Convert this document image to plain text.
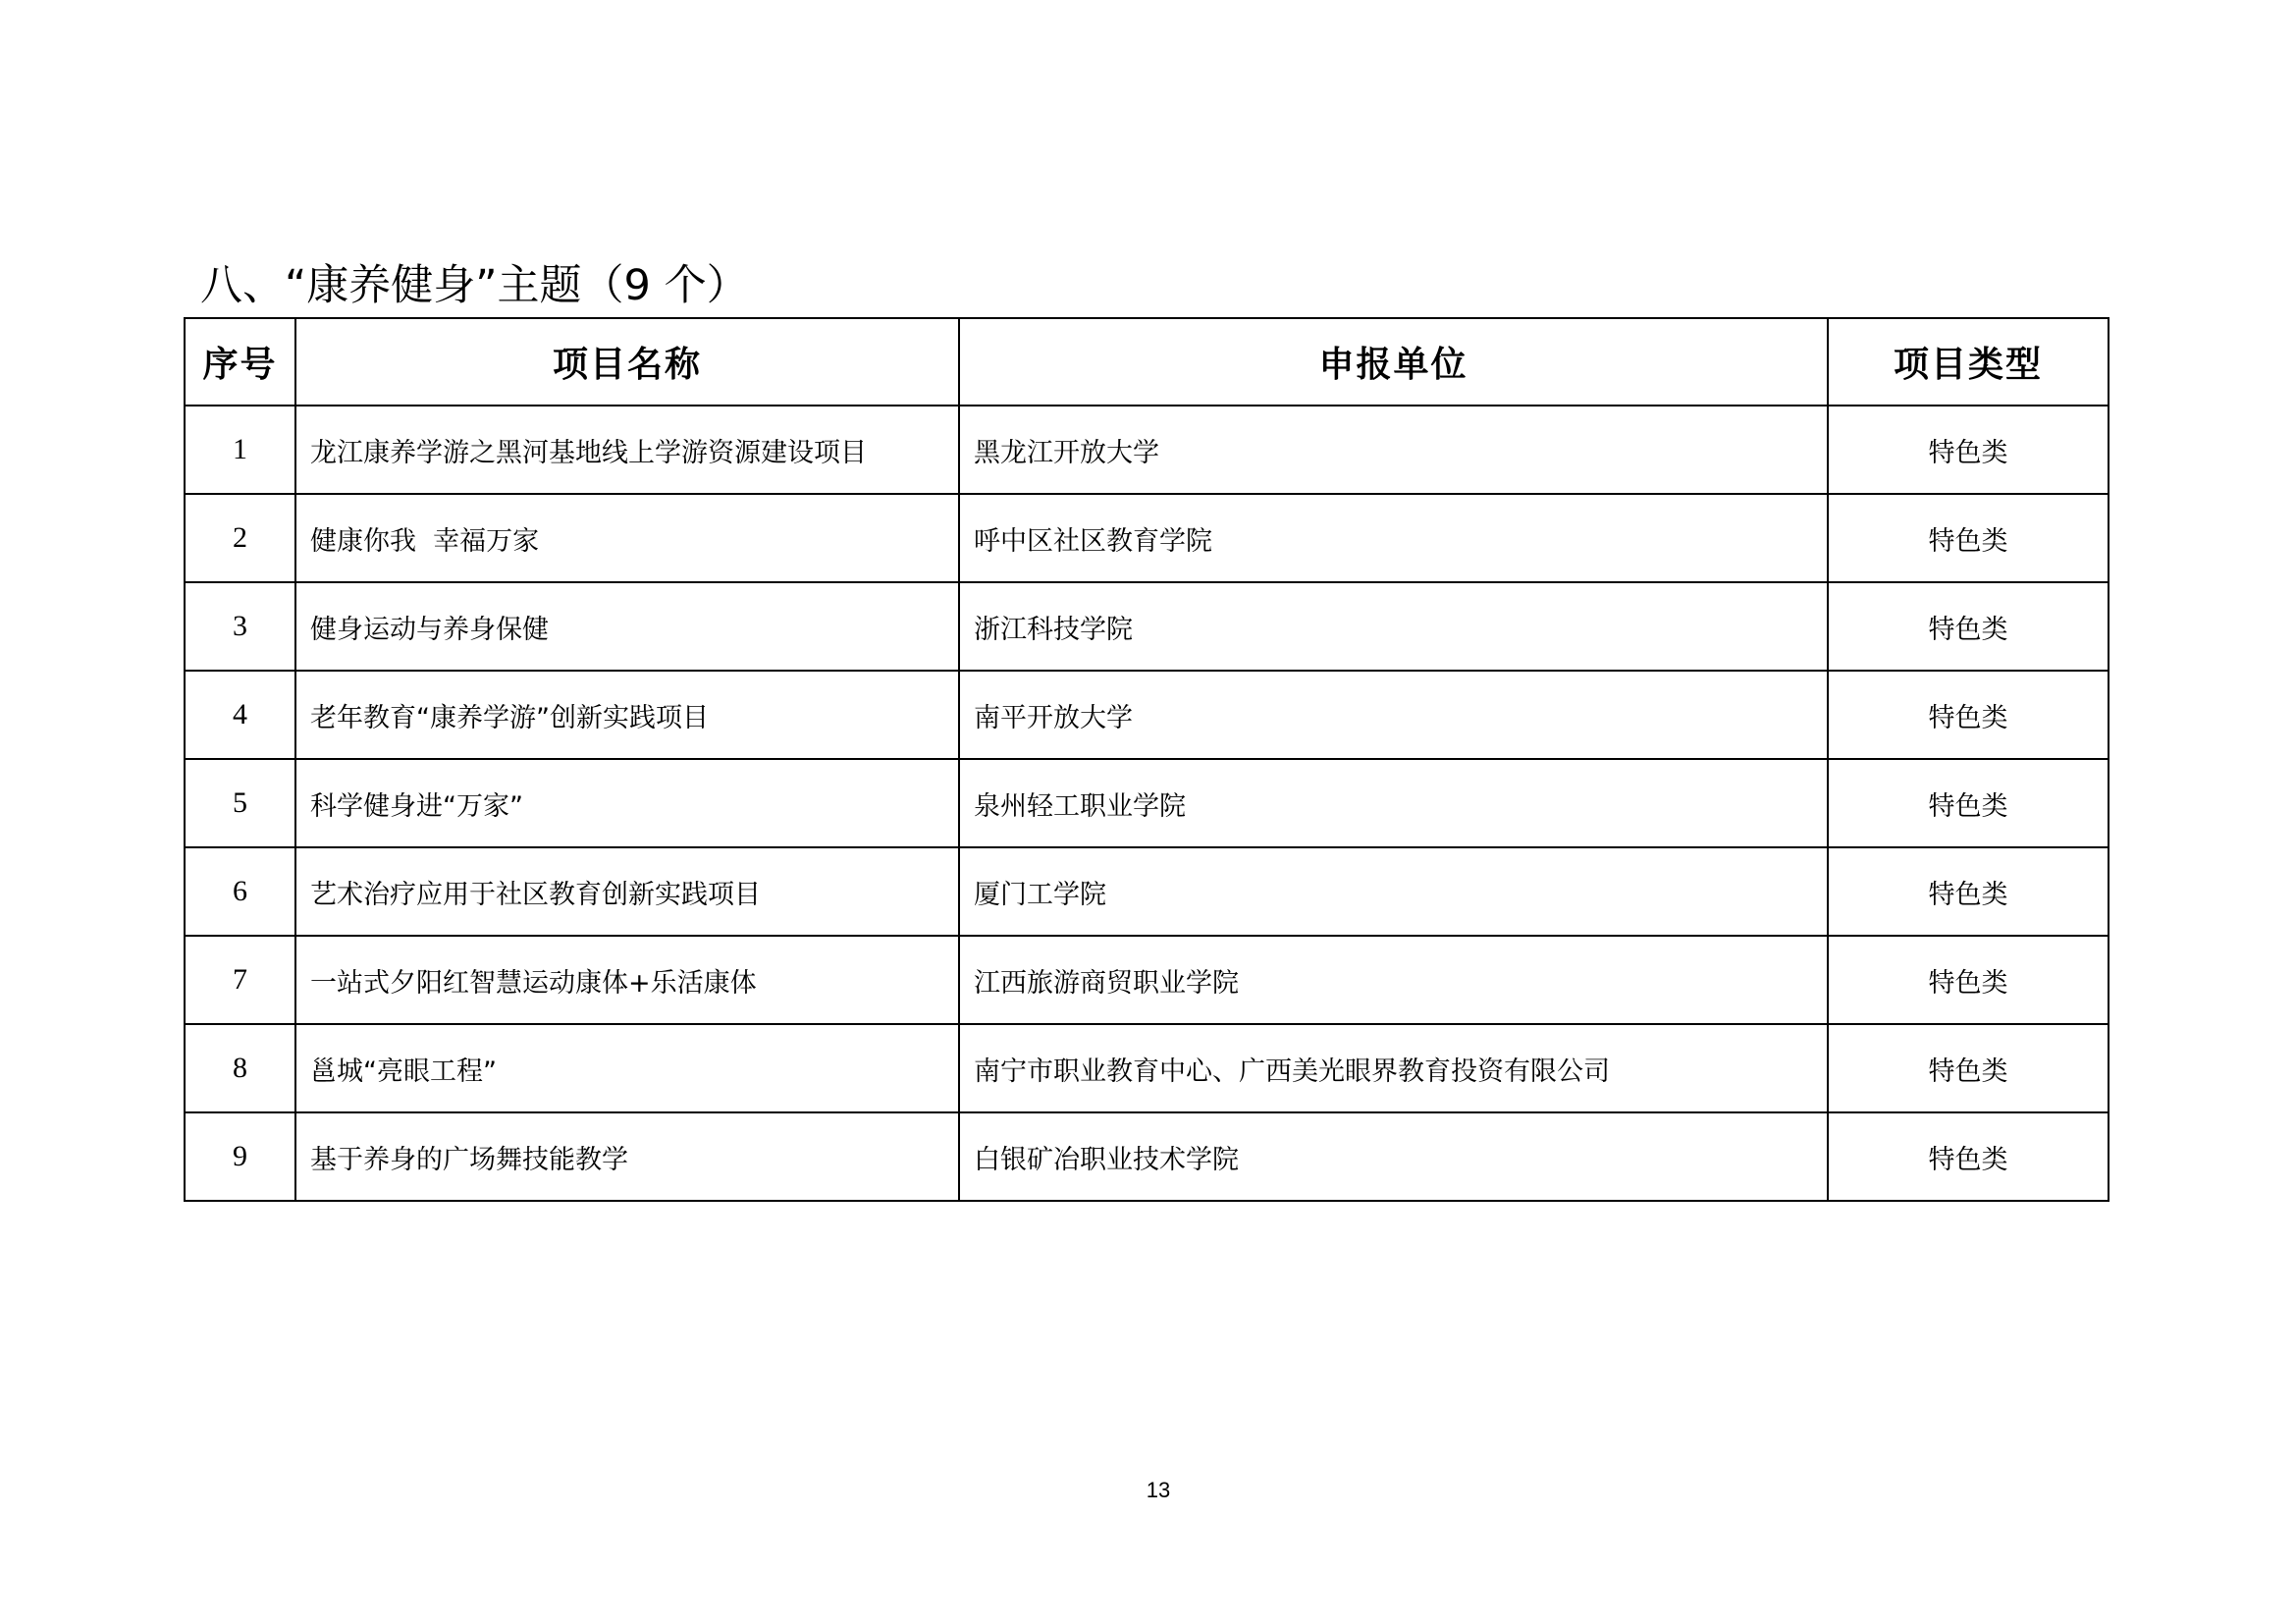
八、“康养健身”主题（9 个）
序号	项目名称	申报单位	项目类型
1	龙江康养学游之黑河基地线上学游资源建设项目	黑龙江开放大学	特色类
2	健康你我  幸福万家	呼中区社区教育学院	特色类
3	健身运动与养身保健	浙江科技学院	特色类
4	老年教育“康养学游”创新实践项目	南平开放大学	特色类
5	科学健身进“万家”	泉州轻工职业学院	特色类
6	艺术治疗应用于社区教育创新实践项目	厦门工学院	特色类
7	一站式夕阳红智慧运动康体+乐活康体	江西旅游商贸职业学院	特色类
8	邕城“亮眼工程”	南宁市职业教育中心、广西美光眼界教育投资有限公司	特色类
9	基于养身的广场舞技能教学	白银矿冶职业技术学院	特色类
13
